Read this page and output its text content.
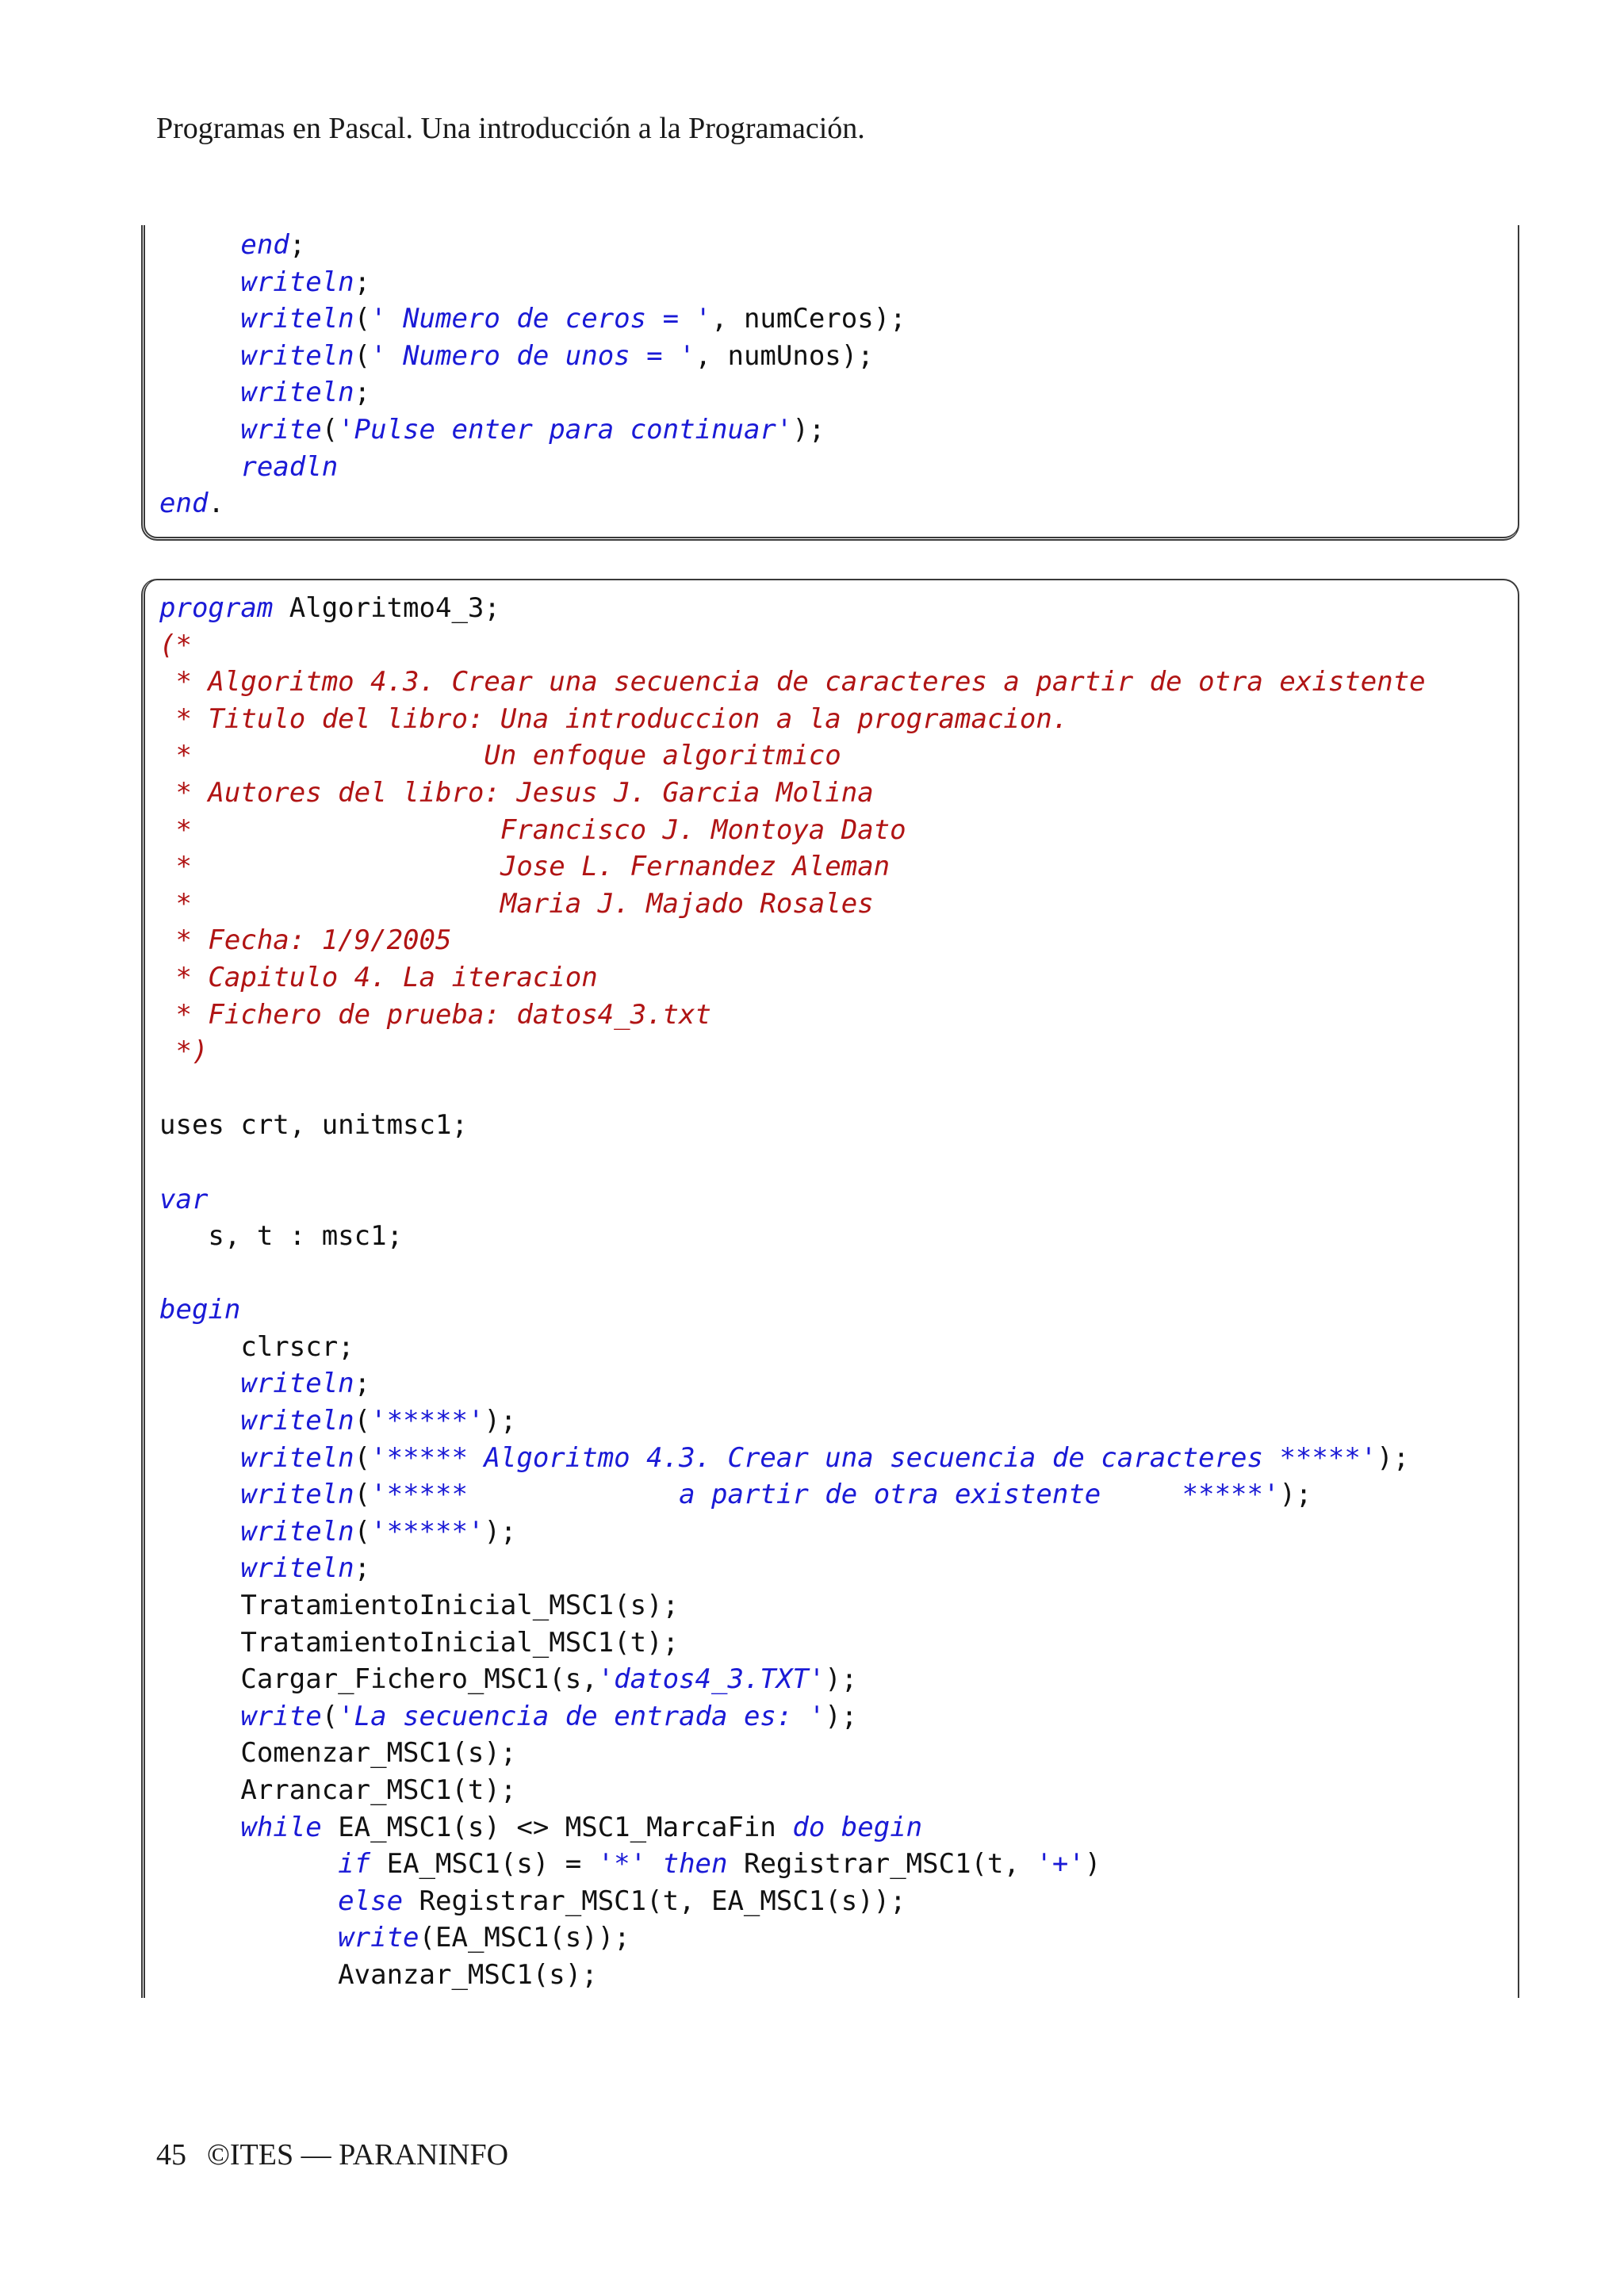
Programas en Pascal. Una introducción a la Programación.
end;
writeln;
writeln(' Numero de ceros = ', numCeros);
writeln(' Numero de unos = ', numUnos);
writeln;
write('Pulse enter para continuar');
readln
end.
program Algoritmo4_3;
(*
* Algoritmo 4.3. Crear una secuencia de caracteres a partir de otra existente
* Titulo del libro: Una introduccion a la programacion.
*                  Un enfoque algoritmico
* Autores del libro: Jesus J. Garcia Molina
*                   Francisco J. Montoya Dato
*                   Jose L. Fernandez Aleman
*                   Maria J. Majado Rosales
* Fecha: 1/9/2005
* Capitulo 4. La iteracion
* Fichero de prueba: datos4_3.txt
*)

uses crt, unitmsc1;

var
s, t : msc1;

begin
clrscr;
writeln;
writeln('*****');
writeln('***** Algoritmo 4.3. Crear una secuencia de caracteres *****');
writeln('*****             a partir de otra existente     *****');
writeln('*****');
writeln;
TratamientoInicial_MSC1(s);
TratamientoInicial_MSC1(t);
Cargar_Fichero_MSC1(s,'datos4_3.TXT');
write('La secuencia de entrada es: ');
Comenzar_MSC1(s);
Arrancar_MSC1(t);
while EA_MSC1(s) <> MSC1_MarcaFin do begin
if EA_MSC1(s) = '*' then Registrar_MSC1(t, '+')
else Registrar_MSC1(t, EA_MSC1(s));
write(EA_MSC1(s));
Avanzar_MSC1(s);
45 ©ITES — PARANINFO
